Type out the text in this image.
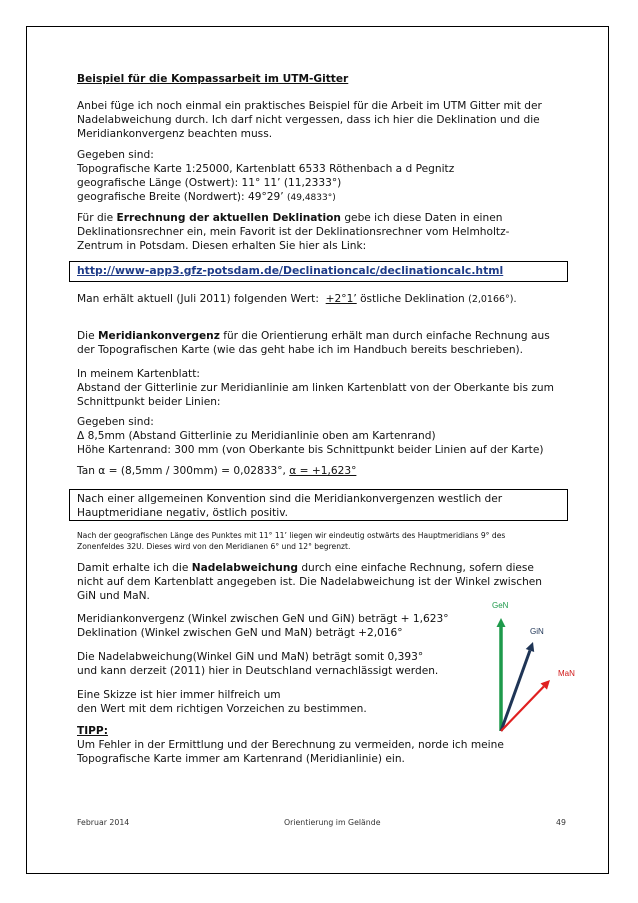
Beispiel für die Kompassarbeit im UTM-Gitter
Anbei füge ich noch einmal ein praktisches Beispiel für die Arbeit im UTM Gitter mit der
Nadelabweichung durch. Ich darf nicht vergessen, dass ich hier die Deklination und die
Meridiankonvergenz beachten muss.
Gegeben sind:
Topografische Karte 1:25000, Kartenblatt 6533 Röthenbach a d Pegnitz
geografische Länge (Ostwert): 11° 11’ (11,2333°)
geografische Breite (Nordwert): 49°29’ (49,4833°)
Für die Errechnung der aktuellen Deklination gebe ich diese Daten in einen
Deklinationsrechner ein, mein Favorit ist der Deklinationsrechner vom Helmholtz-
Zentrum in Potsdam. Diesen erhalten Sie hier als Link:
http://www-app3.gfz-potsdam.de/Declinationcalc/declinationcalc.html
Man erhält aktuell (Juli 2011) folgenden Wert: +2°1’ östliche Deklination (2,0166°).
Die Meridiankonvergenz für die Orientierung erhält man durch einfache Rechnung aus
der Topografischen Karte (wie das geht habe ich im Handbuch bereits beschrieben).
In meinem Kartenblatt:
Abstand der Gitterlinie zur Meridianlinie am linken Kartenblatt von der Oberkante bis zum
Schnittpunkt beider Linien:
Gegeben sind:
Δ 8,5mm (Abstand Gitterlinie zu Meridianlinie oben am Kartenrand)
Höhe Kartenrand: 300 mm (von Oberkante bis Schnittpunkt beider Linien auf der Karte)
Tan α = (8,5mm / 300mm) = 0,02833°, α = +1,623°
Nach einer allgemeinen Konvention sind die Meridiankonvergenzen westlich der
Hauptmeridiane negativ, östlich positiv.
Nach der geografischen Länge des Punktes mit 11° 11’ liegen wir eindeutig ostwärts des Hauptmeridians 9° des
Zonenfeldes 32U. Dieses wird von den Meridianen 6° und 12° begrenzt.
Damit erhalte ich die Nadelabweichung durch eine einfache Rechnung, sofern diese
nicht auf dem Kartenblatt angegeben ist. Die Nadelabweichung ist der Winkel zwischen
GiN und MaN.
Meridiankonvergenz (Winkel zwischen GeN und GiN) beträgt + 1,623°
Deklination (Winkel zwischen GeN und MaN) beträgt +2,016°
Die Nadelabweichung(Winkel GiN und MaN) beträgt somit 0,393°
und kann derzeit (2011) hier in Deutschland vernachlässigt werden.
Eine Skizze ist hier immer hilfreich um
den Wert mit dem richtigen Vorzeichen zu bestimmen.
TIPP:
Um Fehler in der Ermittlung und der Berechnung zu vermeiden, norde ich meine
Topografische Karte immer am Kartenrand (Meridianlinie) ein.
GeN
GiN
MaN
Februar 2014	Orientierung im Gelände	49
